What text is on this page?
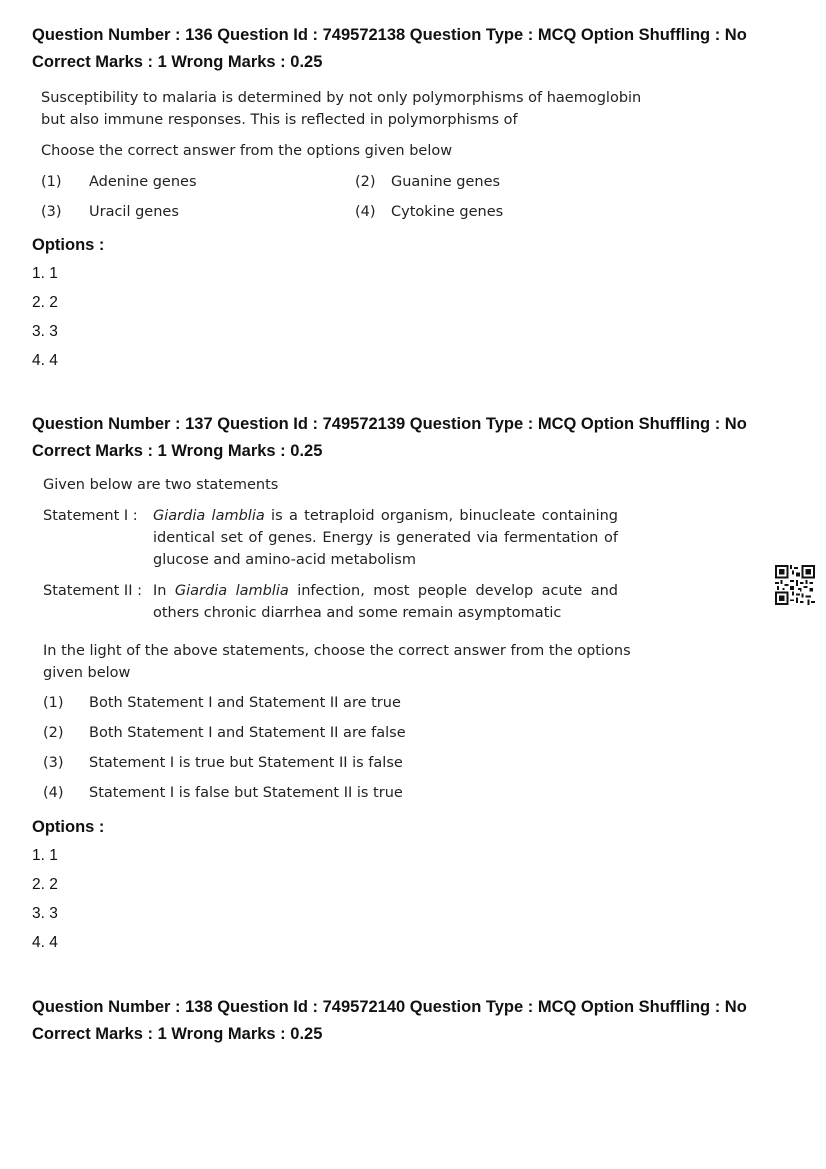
Question Number : 136 Question Id : 749572138 Question Type : MCQ Option Shuffling : No
Correct Marks : 1 Wrong Marks : 0.25
Susceptibility to malaria is determined by not only polymorphisms of haemoglobin
but also immune responses. This is reflected in polymorphisms of
Choose the correct answer from the options given below
(1)	Adenine genes	(2)	Guanine genes
(3)	Uracil genes	(4)	Cytokine genes
Options :
1. 1
2. 2
3. 3
4. 4
Question Number : 137 Question Id : 749572139 Question Type : MCQ Option Shuffling : No
Correct Marks : 1 Wrong Marks : 0.25
Given below are two statements
Statement I :	Giardia lamblia is a tetraploid organism, binucleate containing identical set of genes. Energy is generated via fermentation of glucose and amino-acid metabolism
Statement II : In Giardia lamblia infection, most people develop acute and others chronic diarrhea and some remain asymptomatic
In the light of the above statements, choose the correct answer from the options
given below
(1)	Both Statement I and Statement II are true
(2)	Both Statement I and Statement II are false
(3)	Statement I is true but Statement II is false
(4)	Statement I is false but Statement II is true
Options :
1. 1
2. 2
3. 3
4. 4
Question Number : 138 Question Id : 749572140 Question Type : MCQ Option Shuffling : No
Correct Marks : 1 Wrong Marks : 0.25
